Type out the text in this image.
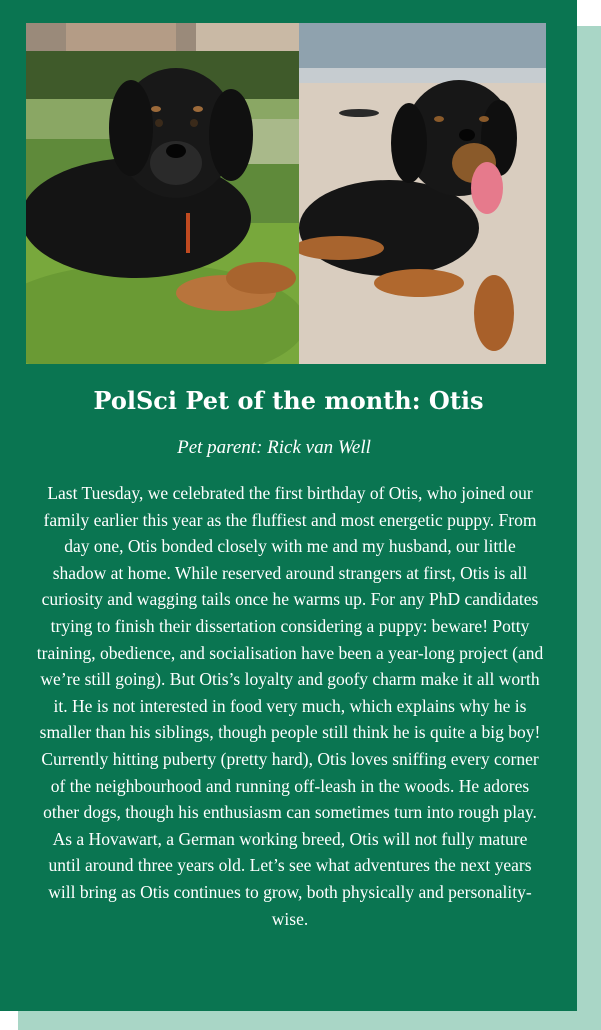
PolSci Pet of the month: Otis
Pet parent: Rick van Well

Last Tuesday, we celebrated the first birthday of Otis, who joined our family earlier this year as the fluffiest and most energetic puppy. From day one, Otis bonded closely with me and my husband, our little shadow at home. While reserved around strangers at first, Otis is all curiosity and wagging tails once he warms up. For any PhD candidates trying to finish their dissertation considering a puppy: beware! Potty training, obedience, and socialisation have been a year-long project (and we’re still going). But Otis’s loyalty and goofy charm make it all worth it. He is not interested in food very much, which explains why he is smaller than his siblings, though people still think he is quite a big boy! Currently hitting puberty (pretty hard), Otis loves sniffing every corner of the neighbourhood and running off-leash in the woods. He adores other dogs, though his enthusiasm can sometimes turn into rough play. As a Hovawart, a German working breed, Otis will not fully mature until around three years old. Let’s see what adventures the next years will bring as Otis continues to grow, both physically and personality-wise.
